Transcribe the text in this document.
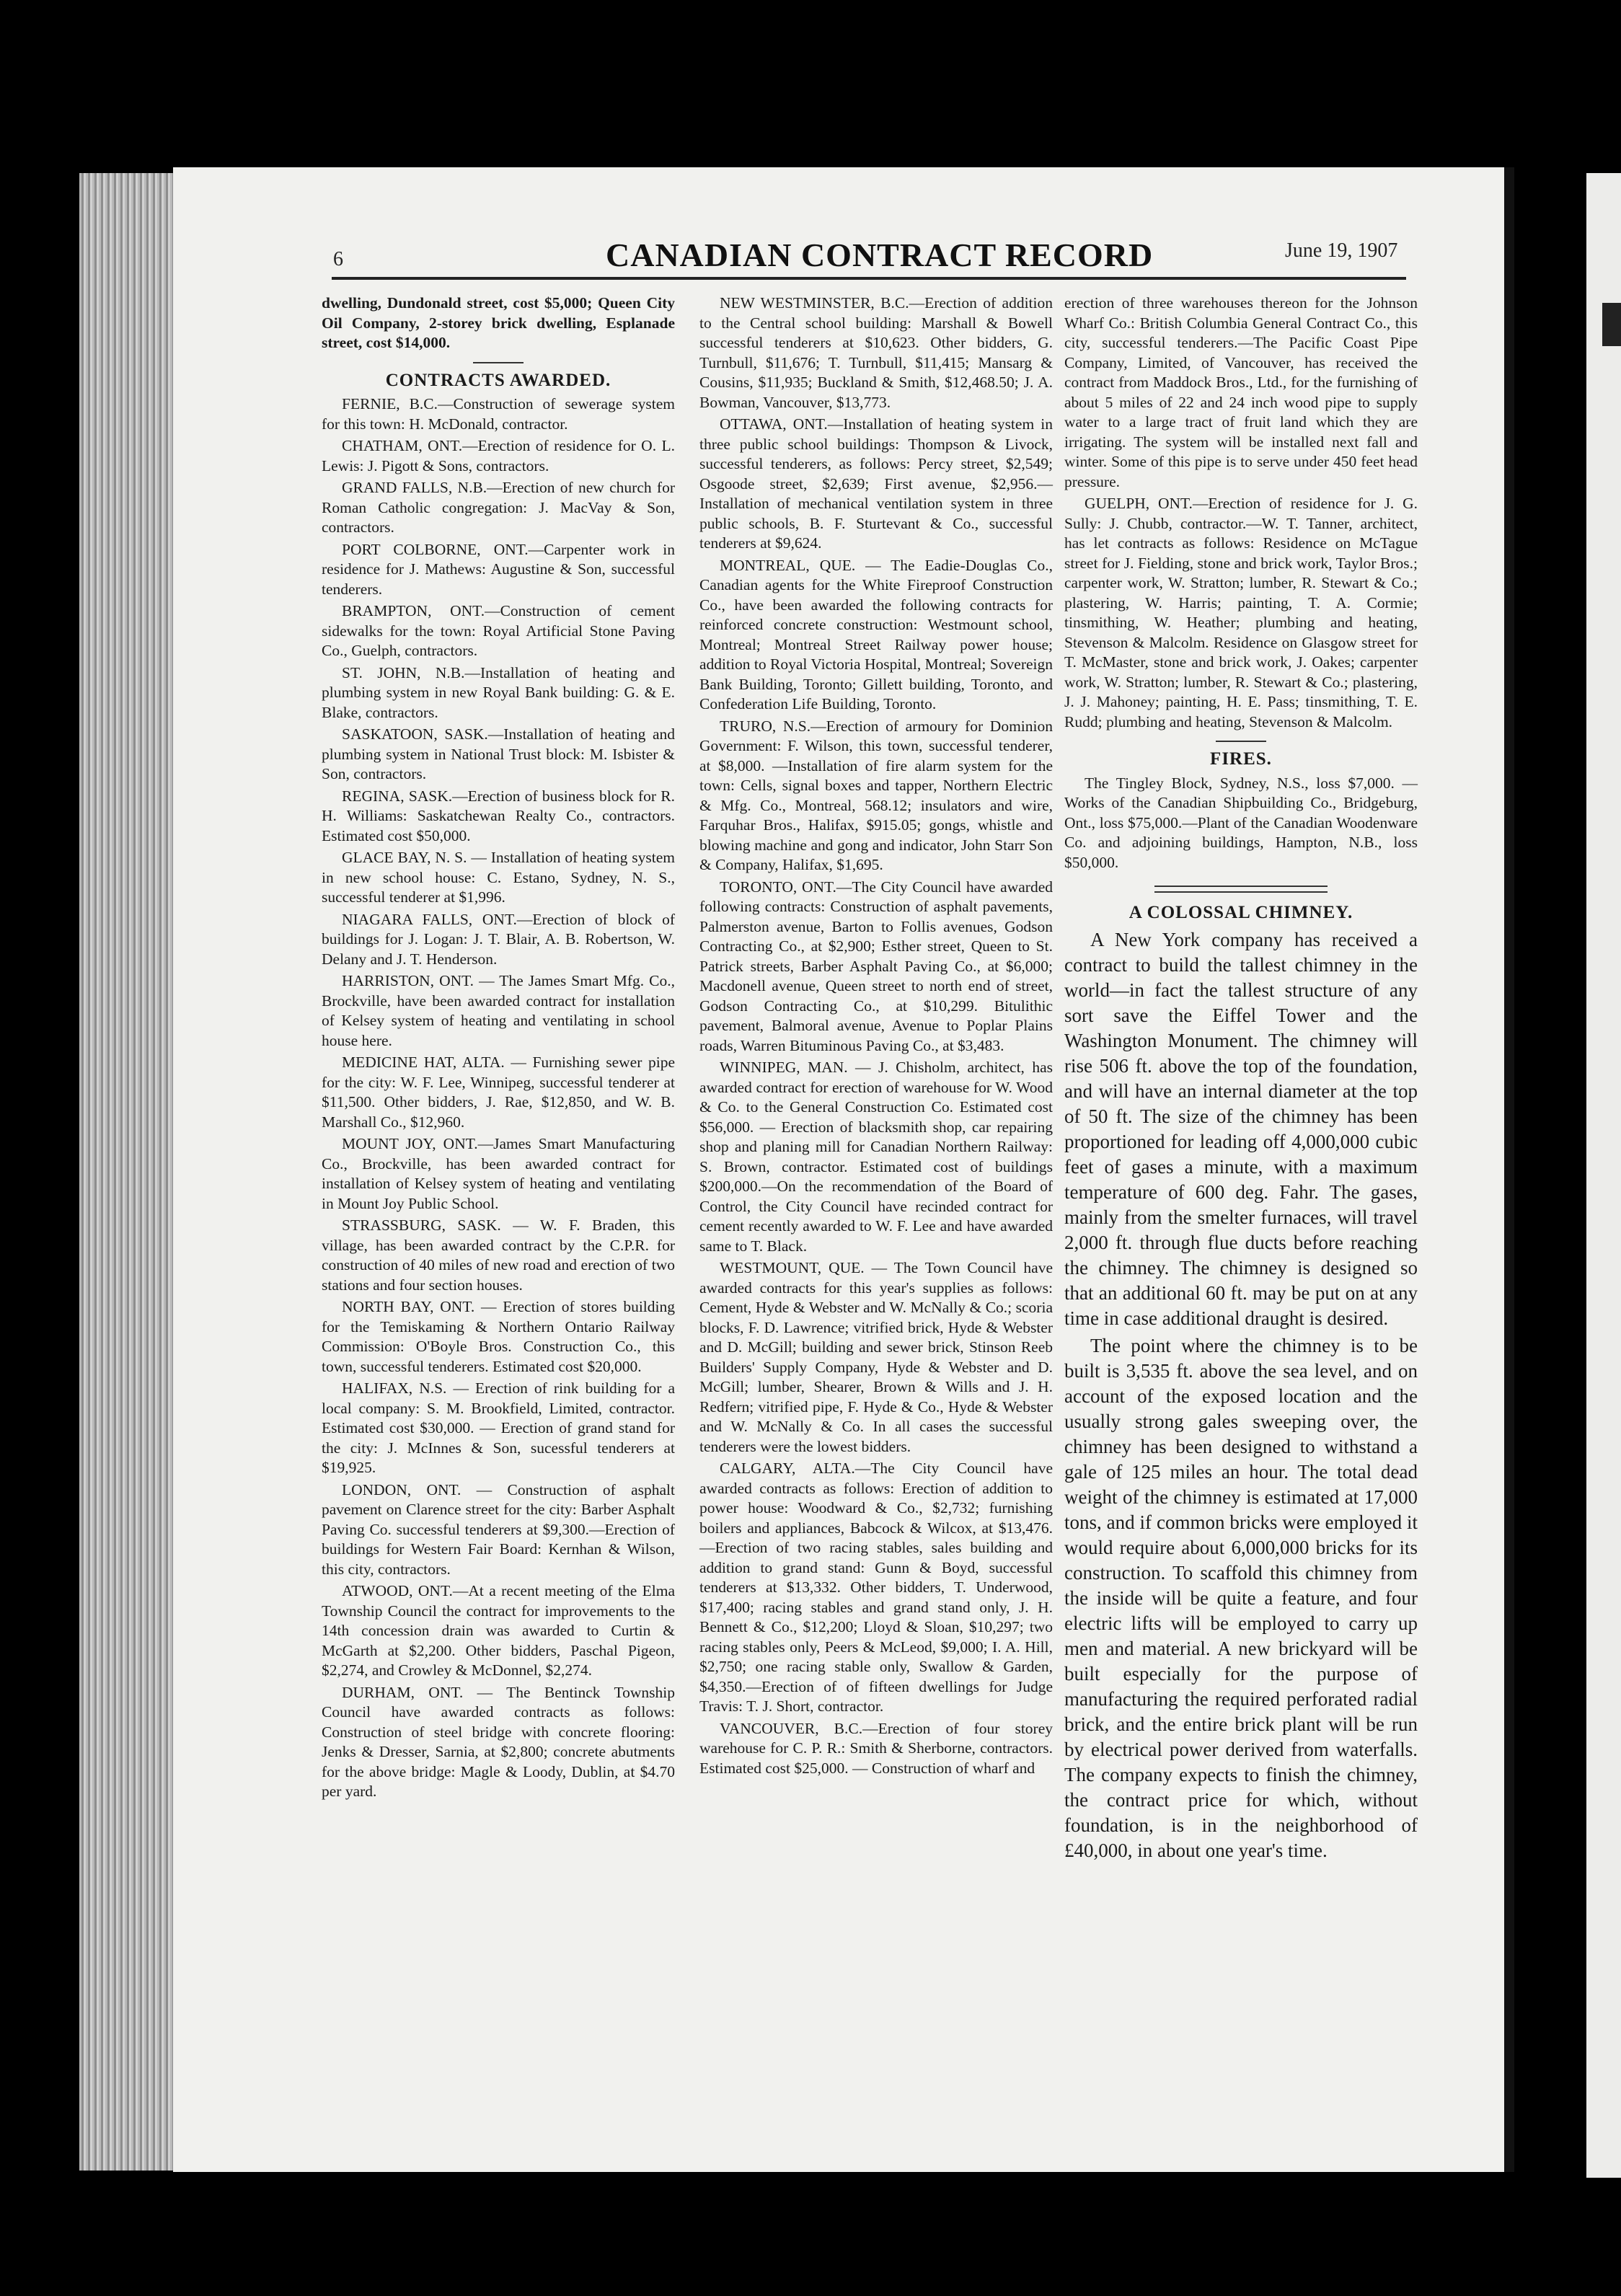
6	CANADIAN CONTRACT RECORD	June 19, 1907

dwelling, Dundonald street, cost $5,000; Queen City Oil Company, 2-storey brick dwelling, Esplanade street, cost $14,000.

CONTRACTS AWARDED.

FERNIE, B.C.—Construction of sewerage system for this town: H. McDonald, contractor.

CHATHAM, ONT.—Erection of residence for O. L. Lewis: J. Pigott & Sons, contractors.

GRAND FALLS, N.B.—Erection of new church for Roman Catholic congregation: J. MacVay & Son, contractors.

PORT COLBORNE, ONT.—Carpenter work in residence for J. Mathews: Augustine & Son, successful tenderers.

BRAMPTON, ONT.—Construction of cement sidewalks for the town: Royal Artificial Stone Paving Co., Guelph, contractors.

ST. JOHN, N.B.—Installation of heating and plumbing system in new Royal Bank building: G. & E. Blake, contractors.

SASKATOON, SASK.—Installation of heating and plumbing system in National Trust block: M. Isbister & Son, contractors.

REGINA, SASK.—Erection of business block for R. H. Williams: Saskatchewan Realty Co., contractors. Estimated cost $50,000.

GLACE BAY, N. S. — Installation of heating system in new school house: C. Estano, Sydney, N. S., successful tenderer at $1,996.

NIAGARA FALLS, ONT.—Erection of block of buildings for J. Logan: J. T. Blair, A. B. Robertson, W. Delany and J. T. Henderson.

HARRISTON, ONT. — The James Smart Mfg. Co., Brockville, have been awarded contract for installation of Kelsey system of heating and ventilating in school house here.

MEDICINE HAT, ALTA. — Furnishing sewer pipe for the city: W. F. Lee, Winnipeg, successful tenderer at $11,500. Other bidders, J. Rae, $12,850, and W. B. Marshall Co., $12,960.

MOUNT JOY, ONT.—James Smart Manufacturing Co., Brockville, has been awarded contract for installation of Kelsey system of heating and ventilating in Mount Joy Public School.

STRASSBURG, SASK. — W. F. Braden, this village, has been awarded contract by the C.P.R. for construction of 40 miles of new road and erection of two stations and four section houses.

NORTH BAY, ONT. — Erection of stores building for the Temiskaming & Northern Ontario Railway Commission: O'Boyle Bros. Construction Co., this town, successful tenderers. Estimated cost $20,000.

HALIFAX, N.S. — Erection of rink building for a local company: S. M. Brookfield, Limited, contractor. Estimated cost $30,000. — Erection of grand stand for the city: J. McInnes & Son, sucessful tenderers at $19,925.

LONDON, ONT. — Construction of asphalt pavement on Clarence street for the city: Barber Asphalt Paving Co. successful tenderers at $9,300.—Erection of buildings for Western Fair Board: Kernhan & Wilson, this city, contractors.

ATWOOD, ONT.—At a recent meeting of the Elma Township Council the contract for improvements to the 14th concession drain was awarded to Curtin & McGarth at $2,200. Other bidders, Paschal Pigeon, $2,274, and Crowley & McDonnel, $2,274.

DURHAM, ONT. — The Bentinck Township Council have awarded contracts as follows: Construction of steel bridge with concrete flooring: Jenks & Dresser, Sarnia, at $2,800; concrete abutments for the above bridge: Magle & Loody, Dublin, at $4.70 per yard.

NEW WESTMINSTER, B.C.—Erection of addition to the Central school building: Marshall & Bowell successful tenderers at $10,623. Other bidders, G. Turnbull, $11,676; T. Turnbull, $11,415; Mansarg & Cousins, $11,935; Buckland & Smith, $12,468.50; J. A. Bowman, Vancouver, $13,773.

OTTAWA, ONT.—Installation of heating system in three public school buildings: Thompson & Livock, successful tenderers, as follows: Percy street, $2,549; Osgoode street, $2,639; First avenue, $2,956.—Installation of mechanical ventilation system in three public schools, B. F. Sturtevant & Co., successful tenderers at $9,624.

MONTREAL, QUE. — The Eadie-Douglas Co., Canadian agents for the White Fireproof Construction Co., have been awarded the following contracts for reinforced concrete construction: Westmount school, Montreal; Montreal Street Railway power house; addition to Royal Victoria Hospital, Montreal; Sovereign Bank Building, Toronto; Gillett building, Toronto, and Confederation Life Building, Toronto.

TRURO, N.S.—Erection of armoury for Dominion Government: F. Wilson, this town, successful tenderer, at $8,000. —Installation of fire alarm system for the town: Cells, signal boxes and tapper, Northern Electric & Mfg. Co., Montreal, 568.12; insulators and wire, Farquhar Bros., Halifax, $915.05; gongs, whistle and blowing machine and gong and indicator, John Starr Son & Company, Halifax, $1,695.

TORONTO, ONT.—The City Council have awarded following contracts: Construction of asphalt pavements, Palmerston avenue, Barton to Follis avenues, Godson Contracting Co., at $2,900; Esther street, Queen to St. Patrick streets, Barber Asphalt Paving Co., at $6,000; Macdonell avenue, Queen street to north end of street, Godson Contracting Co., at $10,299. Bitulithic pavement, Balmoral avenue, Avenue to Poplar Plains roads, Warren Bituminous Paving Co., at $3,483.

WINNIPEG, MAN. — J. Chisholm, architect, has awarded contract for erection of warehouse for W. Wood & Co. to the General Construction Co. Estimated cost $56,000. — Erection of blacksmith shop, car repairing shop and planing mill for Canadian Northern Railway: S. Brown, contractor. Estimated cost of buildings $200,000.—On the recommendation of the Board of Control, the City Council have recinded contract for cement recently awarded to W. F. Lee and have awarded same to T. Black.

WESTMOUNT, QUE. — The Town Council have awarded contracts for this year's supplies as follows: Cement, Hyde & Webster and W. McNally & Co.; scoria blocks, F. D. Lawrence; vitrified brick, Hyde & Webster and D. McGill; building and sewer brick, Stinson Reeb Builders' Supply Company, Hyde & Webster and D. McGill; lumber, Shearer, Brown & Wills and J. H. Redfern; vitrified pipe, F. Hyde & Co., Hyde & Webster and W. McNally & Co. In all cases the successful tenderers were the lowest bidders.

CALGARY, ALTA.—The City Council have awarded contracts as follows: Erection of addition to power house: Woodward & Co., $2,732; furnishing boilers and appliances, Babcock & Wilcox, at $13,476.—Erection of two racing stables, sales building and addition to grand stand: Gunn & Boyd, successful tenderers at $13,332. Other bidders, T. Underwood, $17,400; racing stables and grand stand only, J. H. Bennett & Co., $12,200; Lloyd & Sloan, $10,297; two racing stables only, Peers & McLeod, $9,000; I. A. Hill, $2,750; one racing stable only, Swallow & Garden, $4,350.—Erection of of fifteen dwellings for Judge Travis: T. J. Short, contractor.

VANCOUVER, B.C.—Erection of four storey warehouse for C. P. R.: Smith & Sherborne, contractors. Estimated cost $25,000. — Construction of wharf and

erection of three warehouses thereon for the Johnson Wharf Co.: British Columbia General Contract Co., this city, successful tenderers.—The Pacific Coast Pipe Company, Limited, of Vancouver, has received the contract from Maddock Bros., Ltd., for the furnishing of about 5 miles of 22 and 24 inch wood pipe to supply water to a large tract of fruit land which they are irrigating. The system will be installed next fall and winter. Some of this pipe is to serve under 450 feet head pressure.

GUELPH, ONT.—Erection of residence for J. G. Sully: J. Chubb, contractor.—W. T. Tanner, architect, has let contracts as follows: Residence on McTague street for J. Fielding, stone and brick work, Taylor Bros.; carpenter work, W. Stratton; lumber, R. Stewart & Co.; plastering, W. Harris; painting, T. A. Cormie; tinsmithing, W. Heather; plumbing and heating, Stevenson & Malcolm. Residence on Glasgow street for T. McMaster, stone and brick work, J. Oakes; carpenter work, W. Stratton; lumber, R. Stewart & Co.; plastering, J. J. Mahoney; painting, H. E. Pass; tinsmithing, T. E. Rudd; plumbing and heating, Stevenson & Malcolm.

FIRES.

The Tingley Block, Sydney, N.S., loss $7,000. — Works of the Canadian Shipbuilding Co., Bridgeburg, Ont., loss $75,000.—Plant of the Canadian Woodenware Co. and adjoining buildings, Hampton, N.B., loss $50,000.

A COLOSSAL CHIMNEY.

A New York company has received a contract to build the tallest chimney in the world—in fact the tallest structure of any sort save the Eiffel Tower and the Washington Monument. The chimney will rise 506 ft. above the top of the foundation, and will have an internal diameter at the top of 50 ft. The size of the chimney has been proportioned for leading off 4,000,000 cubic feet of gases a minute, with a maximum temperature of 600 deg. Fahr. The gases, mainly from the smelter furnaces, will travel 2,000 ft. through flue ducts before reaching the chimney. The chimney is designed so that an additional 60 ft. may be put on at any time in case additional draught is desired.

The point where the chimney is to be built is 3,535 ft. above the sea level, and on account of the exposed location and the usually strong gales sweeping over, the chimney has been designed to withstand a gale of 125 miles an hour. The total dead weight of the chimney is estimated at 17,000 tons, and if common bricks were employed it would require about 6,000,000 bricks for its construction. To scaffold this chimney from the inside will be quite a feature, and four electric lifts will be employed to carry up men and material. A new brickyard will be built especially for the purpose of manufacturing the required perforated radial brick, and the entire brick plant will be run by electrical power derived from waterfalls. The company expects to finish the chimney, the contract price for which, without foundation, is in the neighborhood of £40,000, in about one year's time.
